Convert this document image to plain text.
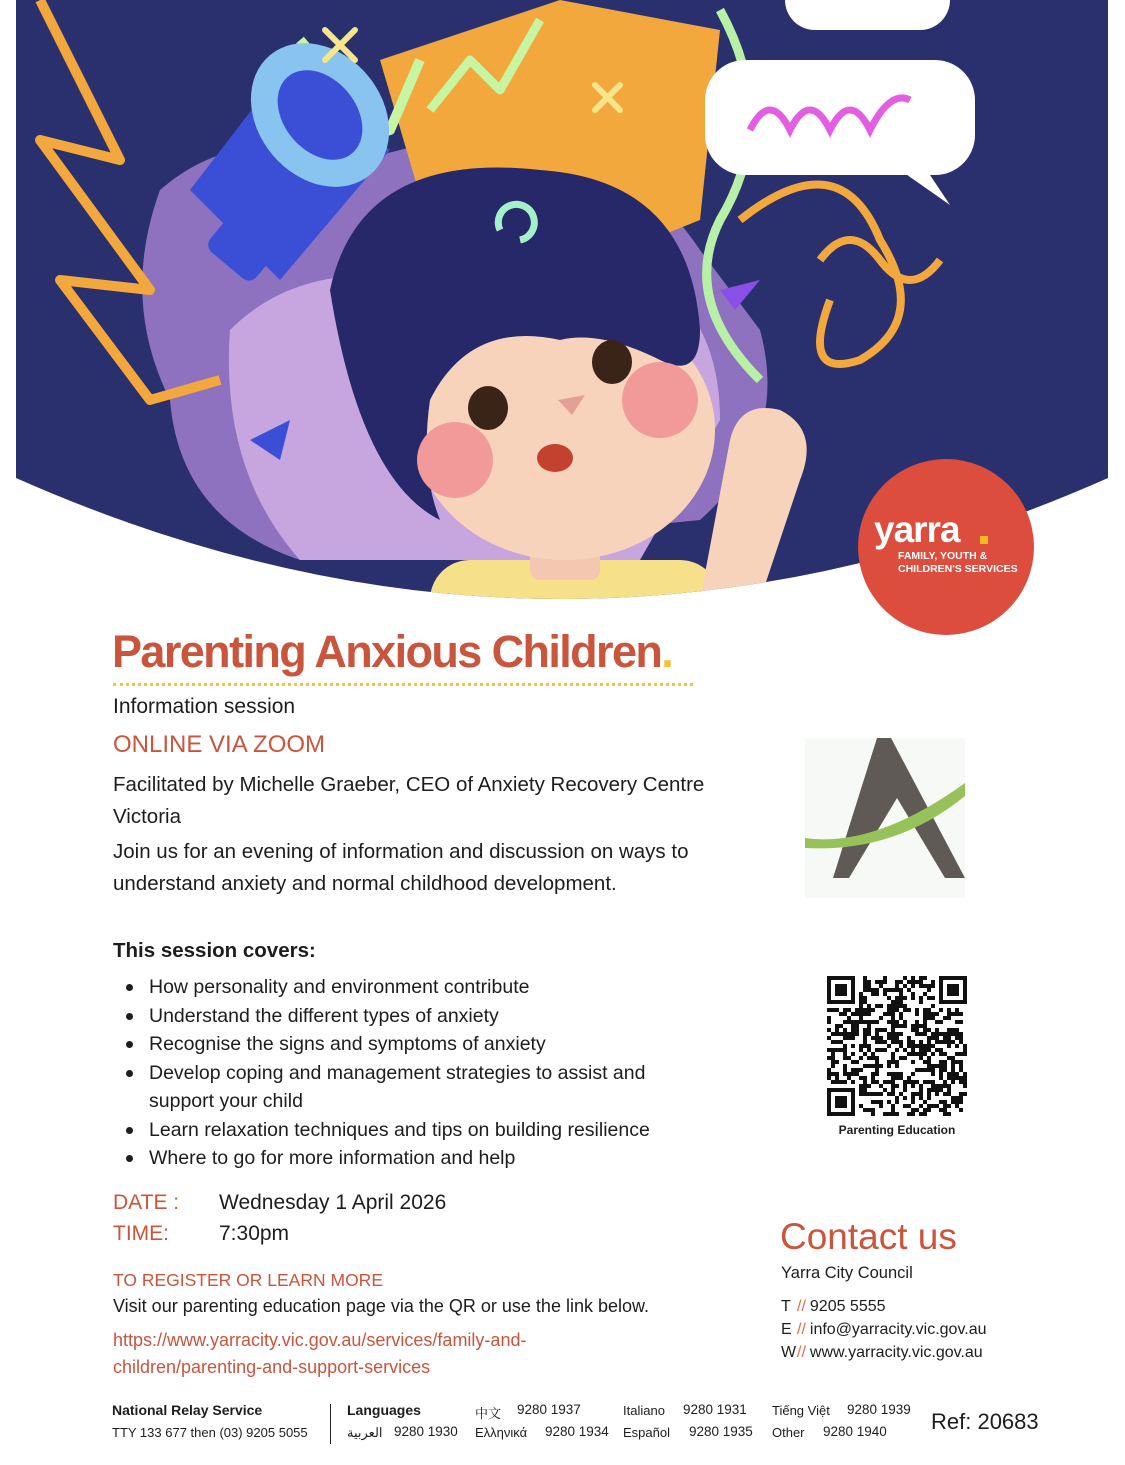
yarra
FAMILY, YOUTH & CHILDREN'S SERVICES
Parenting Anxious Children.
Information session
ONLINE VIA ZOOM
Facilitated by Michelle Graeber, CEO of Anxiety Recovery Centre Victoria
Join us for an evening of information and discussion on ways to understand anxiety and normal childhood development.
This session covers:
How personality and environment contribute
Understand the different types of anxiety
Recognise the signs and symptoms of anxiety
Develop coping and management strategies to assist and support your child
Learn relaxation techniques and tips on building resilience
Where to go for more information and help
DATE : Wednesday 1 April 2026
TIME: 7:30pm
TO REGISTER OR LEARN MORE
Visit our parenting education page via the QR or use the link below.
https://www.yarracity.vic.gov.au/services/family-and-children/parenting-and-support-services
Parenting Education
Contact us
Yarra City Council
T // 9205 5555
E // info@yarracity.vic.gov.au
W// www.yarracity.vic.gov.au
National Relay Service
TTY 133 677 then (03) 9205 5055
Languages	中文 9280 1937	Italiano 9280 1931 Tiếng Việt 9280 1939
العربية 9280 1930 Ελληνικά 9280 1934 Español 9280 1935 Other 9280 1940 Ref: 20683
